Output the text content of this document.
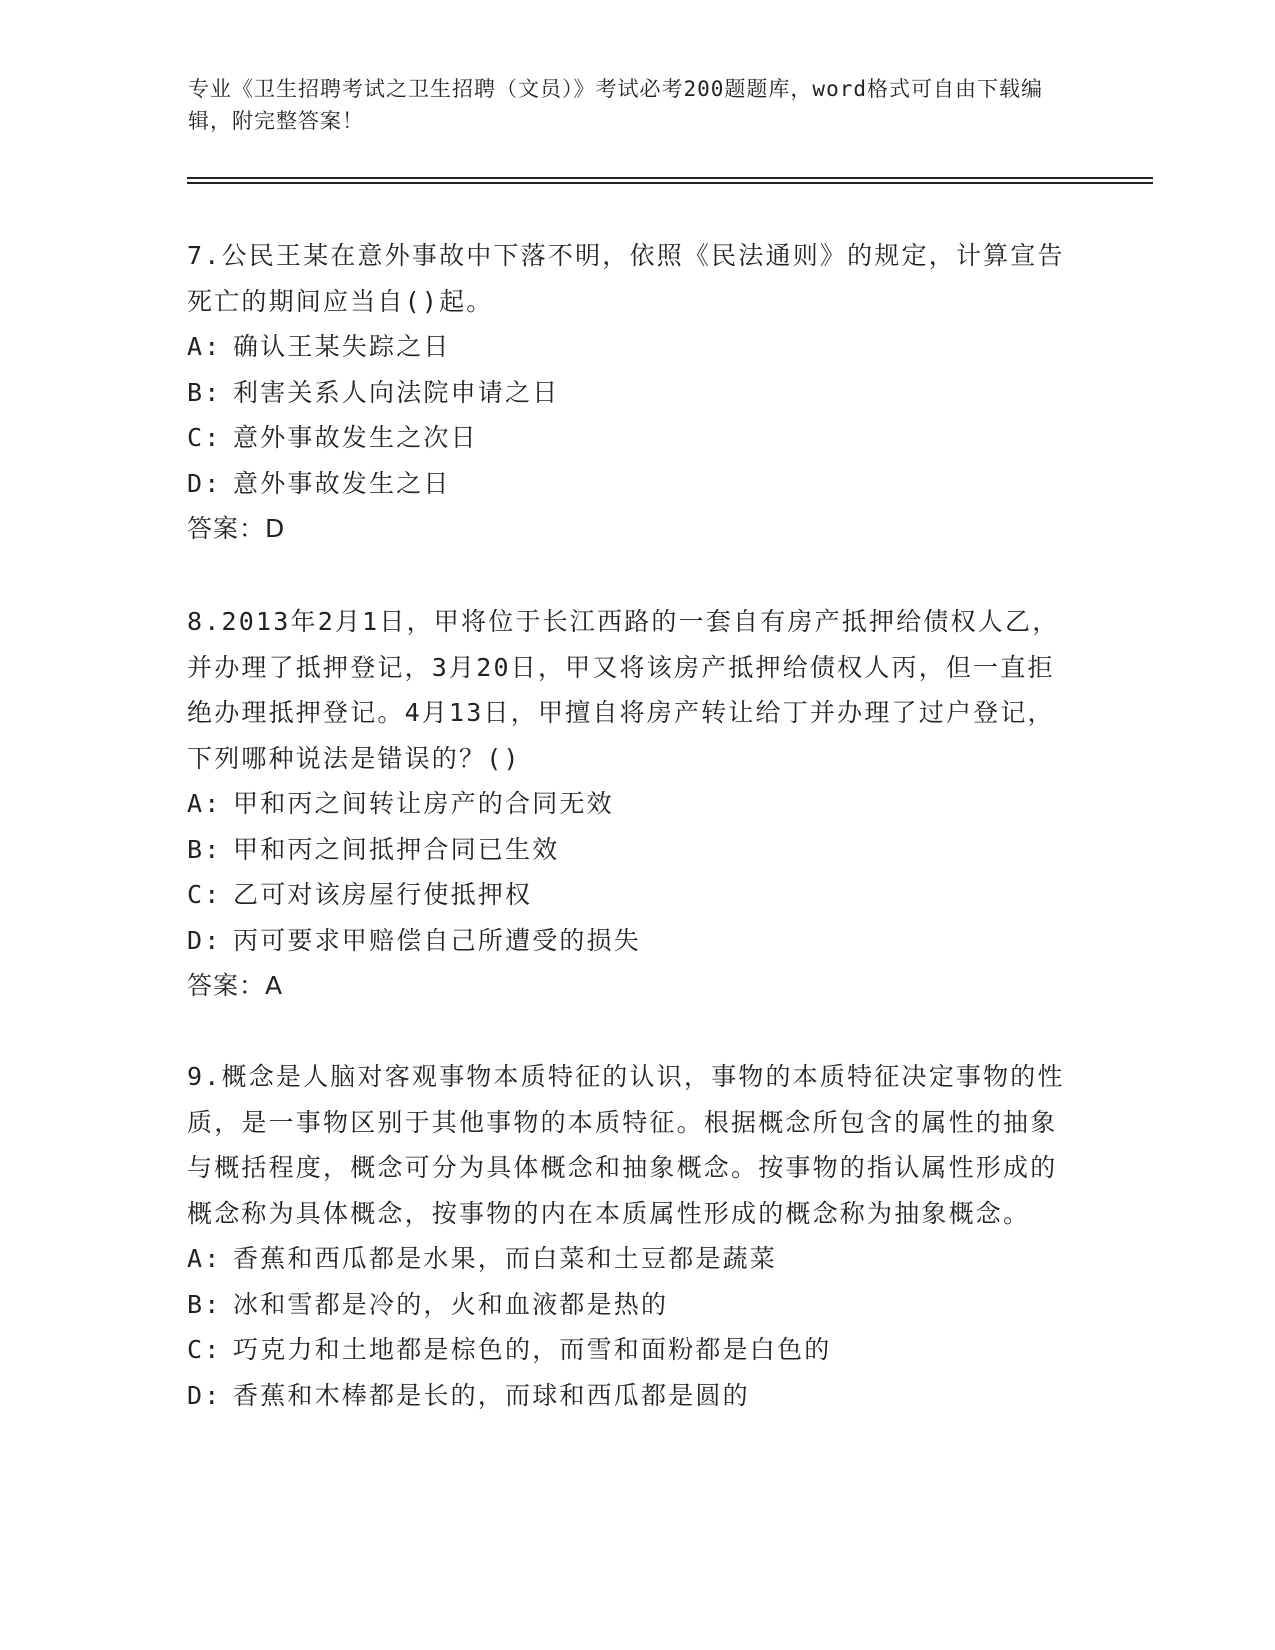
专业《卫生招聘考试之卫生招聘（文员）》考试必考200题题库，word格式可自由下载编辑，附完整答案！

7.公民王某在意外事故中下落不明，依照《民法通则》的规定，计算宣告死亡的期间应当自()起。

A: 确认王某失踪之日
B: 利害关系人向法院申请之日
C: 意外事故发生之次日
D: 意外事故发生之日
答案：D

8.2013年2月1日，甲将位于长江西路的一套自有房产抵押给债权人乙，并办理了抵押登记，3月20日，甲又将该房产抵押给债权人丙，但一直拒绝办理抵押登记。4月13日，甲擅自将房产转让给丁并办理了过户登记，下列哪种说法是错误的？()

A: 甲和丙之间转让房产的合同无效
B: 甲和丙之间抵押合同已生效
C: 乙可对该房屋行使抵押权
D: 丙可要求甲赔偿自己所遭受的损失
答案：A

9.概念是人脑对客观事物本质特征的认识，事物的本质特征决定事物的性质，是一事物区别于其他事物的本质特征。根据概念所包含的属性的抽象与概括程度，概念可分为具体概念和抽象概念。按事物的指认属性形成的概念称为具体概念，按事物的内在本质属性形成的概念称为抽象概念。

A: 香蕉和西瓜都是水果，而白菜和土豆都是蔬菜
B: 冰和雪都是冷的，火和血液都是热的
C: 巧克力和土地都是棕色的，而雪和面粉都是白色的
D: 香蕉和木棒都是长的，而球和西瓜都是圆的
